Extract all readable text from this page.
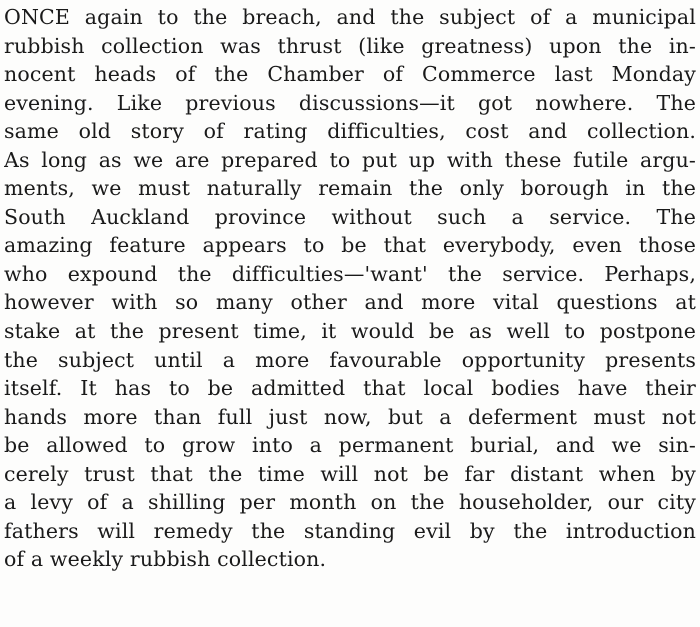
ONCE again to the breach, and the subject of a municipal
rubbish collection was thrust (like greatness) upon the in-
nocent heads of the Chamber of Commerce last Monday
evening. Like previous discussions—it got nowhere. The
same old story of rating difficulties, cost and collection.
As long as we are prepared to put up with these futile argu-
ments, we must naturally remain the only borough in the
South Auckland province without such a service. The
amazing feature appears to be that everybody, even those
who expound the difficulties—'want' the service. Perhaps,
however with so many other and more vital questions at
stake at the present time, it would be as well to postpone
the subject until a more favourable opportunity presents
itself. It has to be admitted that local bodies have their
hands more than full just now, but a deferment must not
be allowed to grow into a permanent burial, and we sin-
cerely trust that the time will not be far distant when by
a levy of a shilling per month on the householder, our city
fathers will remedy the standing evil by the introduction
of a weekly rubbish collection.
